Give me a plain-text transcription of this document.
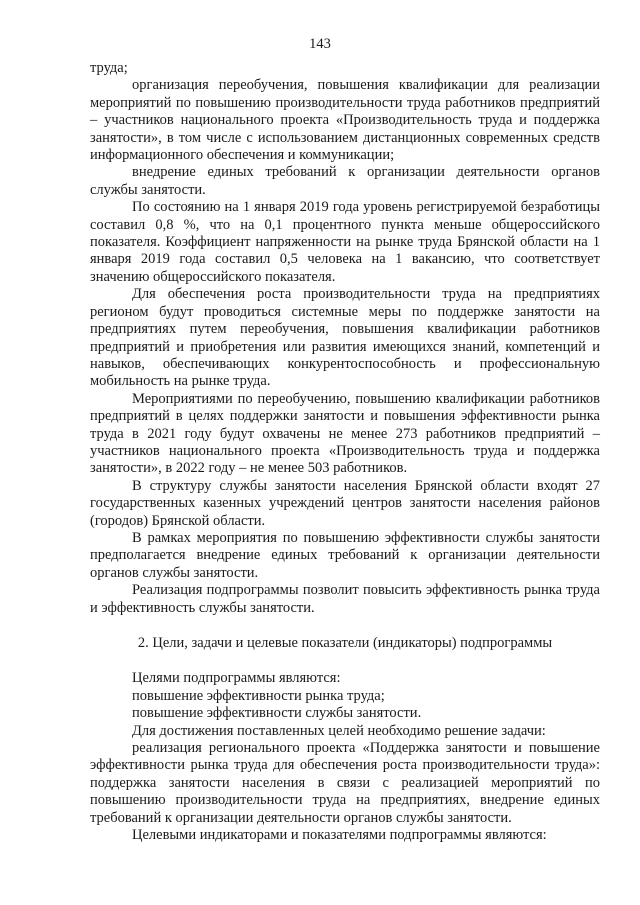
143

труда;

организация переобучения, повышения квалификации для реализации мероприятий по повышению производительности труда работников предприятий – участников национального проекта «Производительность труда и поддержка занятости», в том числе с использованием дистанционных современных средств информационного обеспечения и коммуникации;

внедрение единых требований к организации деятельности органов службы занятости.

По состоянию на 1 января 2019 года уровень регистрируемой безработицы составил 0,8 %, что на 0,1 процентного пункта меньше общероссийского показателя. Коэффициент напряженности на рынке труда Брянской области на 1 января 2019 года составил 0,5 человека на 1 вакансию, что соответствует значению общероссийского показателя.

Для обеспечения роста производительности труда на предприятиях регионом будут проводиться системные меры по поддержке занятости на предприятиях путем переобучения, повышения квалификации работников предприятий и приобретения или развития имеющихся знаний, компетенций и навыков, обеспечивающих конкурентоспособность и профессиональную мобильность на рынке труда.

Мероприятиями по переобучению, повышению квалификации работников предприятий в целях поддержки занятости и повышения эффективности рынка труда в 2021 году будут охвачены не менее 273 работников предприятий – участников национального проекта «Производительность труда и поддержка занятости», в 2022 году – не менее 503 работников.

В структуру службы занятости населения Брянской области входят 27 государственных казенных учреждений центров занятости населения районов (городов) Брянской области.

В рамках мероприятия по повышению эффективности службы занятости предполагается внедрение единых требований к организации деятельности органов службы занятости.

Реализация подпрограммы позволит повысить эффективность рынка труда и эффективность службы занятости.

2. Цели, задачи и целевые показатели (индикаторы) подпрограммы

Целями подпрограммы являются:

повышение эффективности рынка труда;

повышение эффективности службы занятости.

Для достижения поставленных целей необходимо решение задачи:

реализация регионального проекта «Поддержка занятости и повышение эффективности рынка труда для обеспечения роста производительности труда»: поддержка занятости населения в связи с реализацией мероприятий по повышению производительности труда на предприятиях, внедрение единых требований к организации деятельности органов службы занятости.

Целевыми индикаторами и показателями подпрограммы являются:
